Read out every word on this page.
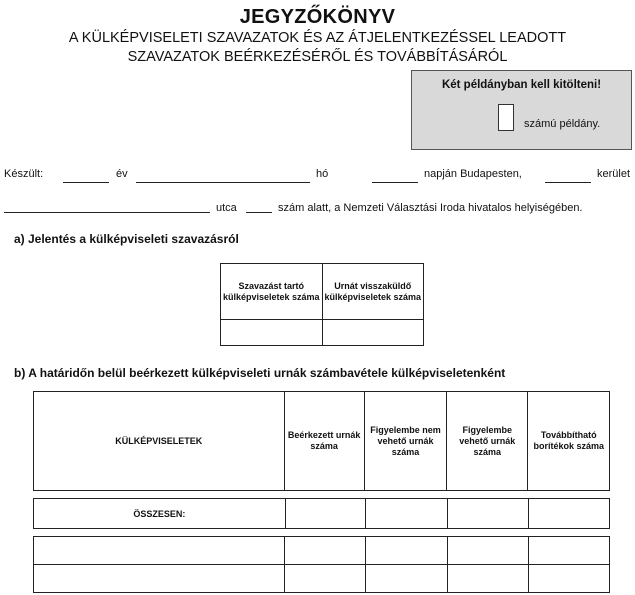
JEGYZŐKÖNYV
A KÜLKÉPVISELETI SZAVAZATOK ÉS AZ ÁTJELENTKEZÉSSEL LEADOTT
SZAVAZATOK BEÉRKEZÉSÉRŐL ÉS TOVÁBBÍTÁSÁRÓL
Két példányban kell kitölteni!
számú példány.
Készült:	év	hó	napján Budapesten,	kerület
utca	szám alatt, a Nemzeti Választási Iroda hivatalos helyiségében.
a) Jelentés a külképviseleti szavazásról
Szavazást tartó külképviseletek száma	Urnát visszaküldő külképviseletek száma

b) A határidőn belül beérkezett külképviseleti urnák számbavétele külképviseletenként
KÜLKÉPVISELETEK	Beérkezett urnák száma	Figyelembe nem vehető urnák száma	Figyelembe vehető urnák száma	Továbbítható borítékok száma
ÖSSZESEN:				
